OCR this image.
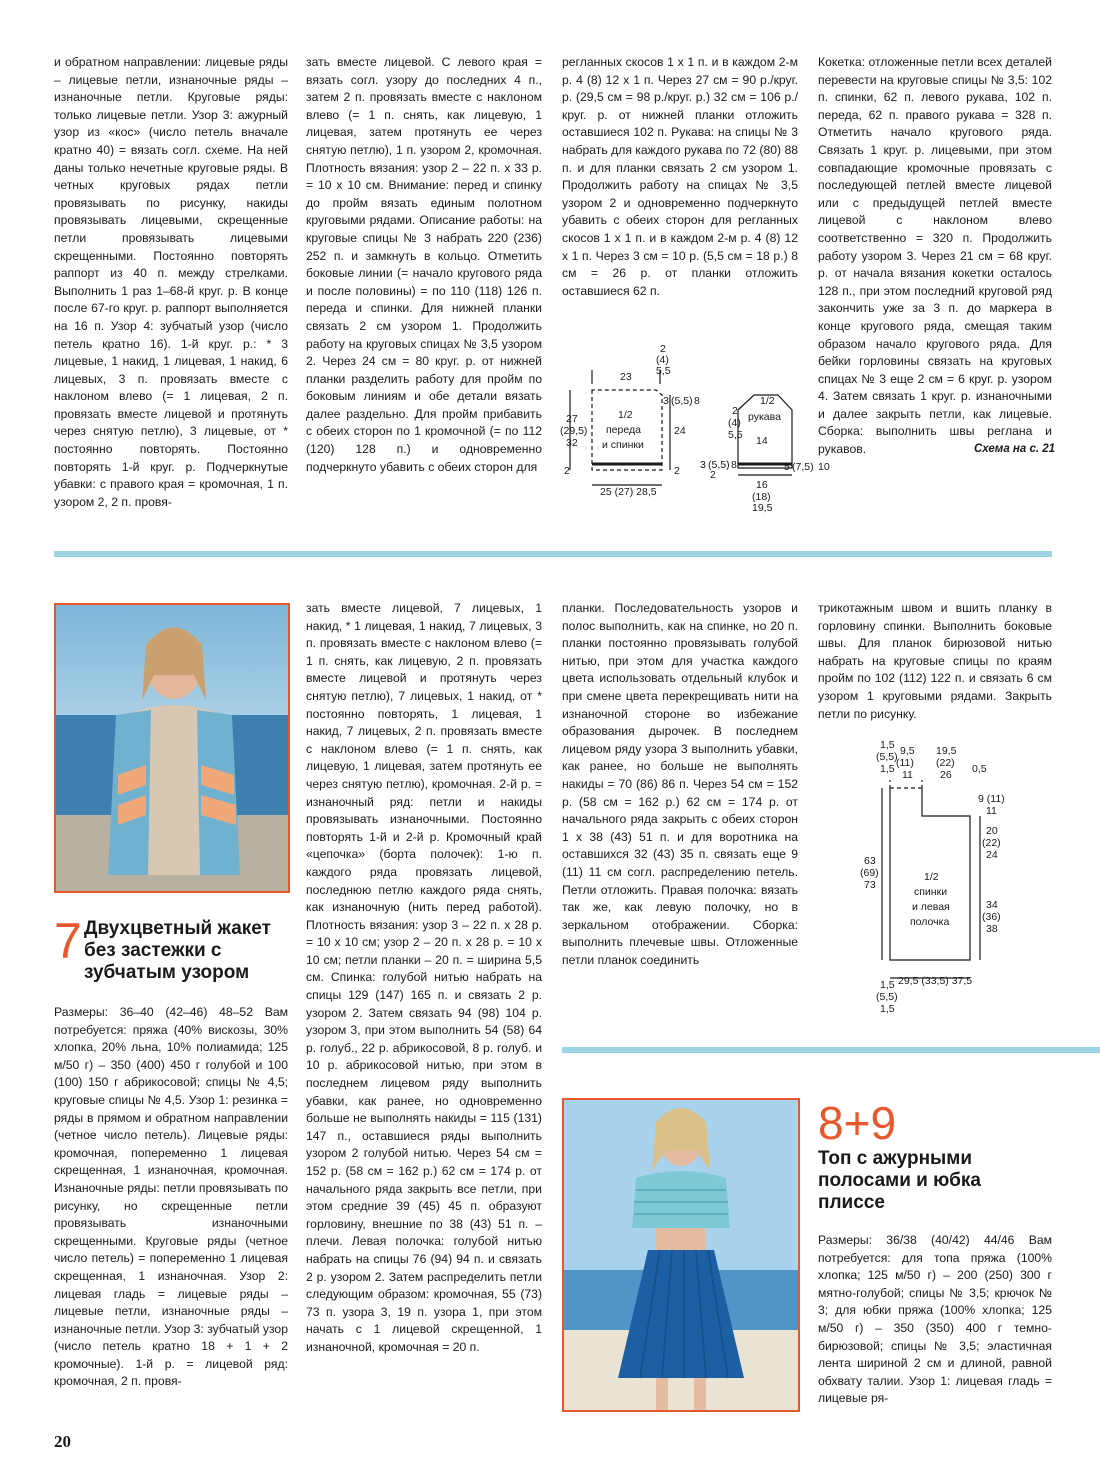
и обратном направлении: лицевые ряды – лицевые петли, изнаночные ряды – изнаночные петли. Круговые ряды: только лицевые петли. Узор 3: ажурный узор из «кос» (число петель вначале кратно 40) = вязать согл. схеме. На ней даны только нечетные круговые ряды. В четных круговых рядах петли провязывать по рисунку, накиды провязывать лицевыми, скрещенные петли провязывать лицевыми скрещенными. Постоянно повторять раппорт из 40 п. между стрелками. Выполнить 1 раз 1–68-й круг. р. В конце после 67-го круг. р. раппорт выполняется на 16 п. Узор 4: зубчатый узор (число петель кратно 16). 1-й круг. р.: * 3 лицевые, 1 накид, 1 лицевая, 1 накид, 6 лицевых, 3 п. провязать вместе с наклоном влево (= 1 лицевая, 2 п. провязать вместе лицевой и протянуть через снятую петлю), 3 лицевые, от * постоянно повторять. Постоянно повторять 1-й круг. р. Подчеркнутые убавки: с правого края = кромочная, 1 п. узором 2, 2 п. провя-

зать вместе лицевой. С левого края = вязать согл. узору до последних 4 п., затем 2 п. провязать вместе с наклоном влево (= 1 п. снять, как лицевую, 1 лицевая, затем протянуть ее через снятую петлю), 1 п. узором 2, кромочная. Плотность вязания: узор 2 – 22 п. х 33 р. = 10 х 10 см. Внимание: перед и спинку до пройм вязать единым полотном круговыми рядами. Описание работы: на круговые спицы № 3 набрать 220 (236) 252 п. и замкнуть в кольцо. Отметить боковые линии (= начало кругового ряда и после половины) = по 110 (118) 126 п. переда и спинки. Для нижней планки связать 2 см узором 1. Продолжить работу на круговых спицах № 3,5 узором 2. Через 24 см = 80 круг. р. от нижней планки разделить работу для пройм по боковым линиям и обе детали вязать далее раздельно. Для пройм прибавить с обеих сторон по 1 кромочной (= по 112 (120) 128 п.) и одновременно подчеркнуто убавить с обеих сторон для

регланных скосов 1 х 1 п. и в каждом 2-м р. 4 (8) 12 х 1 п. Через 27 см = 90 р./круг. р. (29,5 см = 98 р./круг. р.) 32 см = 106 р./круг. р. от нижней планки отложить оставшиеся 102 п. Рукава: на спицы № 3 набрать для каждого рукава по 72 (80) 88 п. и для планки связать 2 см узором 1. Продолжить работу на спицах № 3,5 узором 2 и одновременно подчеркнуто убавить с обеих сторон для регланных скосов 1 х 1 п. и в каждом 2-м р. 4 (8) 12 х 1 п. Через 3 см = 10 р. (5,5 см = 18 р.) 8 см = 26 р. от планки отложить оставшиеся 62 п.

Кокетка: отложенные петли всех деталей перевести на круговые спицы № 3,5: 102 п. спинки, 62 п. левого рукава, 102 п. переда, 62 п. правого рукава = 328 п. Отметить начало кругового ряда. Связать 1 круг. р. лицевыми, при этом совпадающие кромочные провязать с последующей петлей вместе лицевой или с предыдущей петлей вместе лицевой с наклоном влево соответственно = 320 п. Продолжить работу узором 3. Через 21 см = 68 круг. р. от начала вязания кокетки осталось 128 п., при этом последний круговой ряд закончить уже за 3 п. до маркера в конце кругового ряда, смещая таким образом начало кругового ряда. Для бейки горловины связать на круговых спицах № 3 еще 2 см = 6 круг. р. узором 4. Затем связать 1 круг. р. изнаночными и далее закрыть петли, как лицевые. Сборка: выполнить швы реглана и рукавов.	Схема на с. 21
23
2
(4)
5,5
3 (5,5) 8
1/2
переда
и спинки
27
(29,5)
32
24
2	2
25 (27) 28,5
1/2
рукава
2
(4)
5,5 14
3 (5,5) 8	5 (7,5) 10
2
16
(18)
19,5
7 Двухцветный жакет без застежки с зубчатым узором

Размеры: 36–40 (42–46) 48–52 Вам потребуется: пряжа (40% вискозы, 30% хлопка, 20% льна, 10% полиамида; 125 м/50 г) – 350 (400) 450 г голубой и 100 (100) 150 г абрикосовой; спицы № 4,5; круговые спицы № 4,5. Узор 1: резинка = ряды в прямом и обратном направлении (четное число петель). Лицевые ряды: кромочная, попеременно 1 лицевая скрещенная, 1 изнаночная, кромочная. Изнаночные ряды: петли провязывать по рисунку, но скрещенные петли провязывать изнаночными скрещенными. Круговые ряды (четное число петель) = попеременно 1 лицевая скрещенная, 1 изнаночная. Узор 2: лицевая гладь = лицевые ряды – лицевые петли, изнаночные ряды – изнаночные петли. Узор 3: зубчатый узор (число петель кратно 18 + 1 + 2 кромочные). 1-й р. = лицевой ряд: кромочная, 2 п. провя-

зать вместе лицевой, 7 лицевых, 1 накид, * 1 лицевая, 1 накид, 7 лицевых, 3 п. провязать вместе с наклоном влево (= 1 п. снять, как лицевую, 2 п. провязать вместе лицевой и протянуть через снятую петлю), 7 лицевых, 1 накид, от * постоянно повторять, 1 лицевая, 1 накид, 7 лицевых, 2 п. провязать вместе с наклоном влево (= 1 п. снять, как лицевую, 1 лицевая, затем протянуть ее через снятую петлю), кромочная. 2-й р. = изнаночный ряд: петли и накиды провязывать изнаночными. Постоянно повторять 1-й и 2-й р. Кромочный край «цепочка» (борта полочек): 1-ю п. каждого ряда провязать лицевой, последнюю петлю каждого ряда снять, как изнаночную (нить перед работой). Плотность вязания: узор 3 – 22 п. х 28 р. = 10 х 10 см; узор 2 – 20 п. х 28 р. = 10 х 10 см; петли планки – 20 п. = ширина 5,5 см. Спинка: голубой нитью набрать на спицы 129 (147) 165 п. и связать 2 р. узором 2. Затем связать 94 (98) 104 р. узором 3, при этом выполнить 54 (58) 64 р. голуб., 22 р. абрикосовой, 8 р. голуб. и 10 р. абрикосовой нитью, при этом в последнем лицевом ряду выполнить убавки, как ранее, но одновременно больше не выполнять накиды = 115 (131) 147 п., оставшиеся ряды выполнить узором 2 голубой нитью. Через 54 см = 152 р. (58 см = 162 р.) 62 см = 174 р. от начального ряда закрыть все петли, при этом средние 39 (45) 45 п. образуют горловину, внешние по 38 (43) 51 п. – плечи. Левая полочка: голубой нитью набрать на спицы 76 (94) 94 п. и связать 2 р. узором 2. Затем распределить петли следующим образом: кромочная, 55 (73) 73 п. узора 3, 19 п. узора 1, при этом начать с 1 лицевой скрещенной, 1 изнаночной, кромочная = 20 п.

планки. Последовательность узоров и полос выполнить, как на спинке, но 20 п. планки постоянно провязывать голубой нитью, при этом для участка каждого цвета использовать отдельный клубок и при смене цвета перекрещивать нити на изнаночной стороне во избежание образования дырочек. В последнем лицевом ряду узора 3 выполнить убавки, как ранее, но больше не выполнять накиды = 70 (86) 86 п. Через 54 см = 152 р. (58 см = 162 р.) 62 см = 174 р. от начального ряда закрыть с обеих сторон 1 х 38 (43) 51 п. и для воротника на оставшихся 32 (43) 35 п. связать еще 9 (11) 11 см согл. распределению петель. Петли отложить. Правая полочка: вязать так же, как левую полочку, но в зеркальном отображении. Сборка: выполнить плечевые швы. Отложенные петли планок соединить

трикотажным швом и вшить планку в горловину спинки. Выполнить боковые швы. Для планок бирюзовой нитью набрать на круговые спицы по краям пройм по 102 (112) 122 п. и связать 6 см узором 1 круговыми рядами. Закрыть петли по рисунку.

1/2
спинки
и левая
полочка
1,5
(5,5)
1,5
9,5
(11)
11
19,5
(22)
26 0,5
9 (11)
11
20
(22)
24
34
(36)
38
63
(69)
73
1,5
(5,5)
1,5
29,5 (33,5) 37,5
8+9
Топ с ажурными полосами и юбка плиссе

Размеры: 36/38 (40/42) 44/46 Вам потребуется: для топа пряжа (100% хлопка; 125 м/50 г) – 200 (250) 300 г мятно-голубой; спицы № 3,5; крючок № 3; для юбки пряжа (100% хлопка; 125 м/50 г) – 350 (350) 400 г темно-бирюзовой; спицы № 3,5; эластичная лента шириной 2 см и длиной, равной обхвату талии. Узор 1: лицевая гладь = лицевые ря-

20
